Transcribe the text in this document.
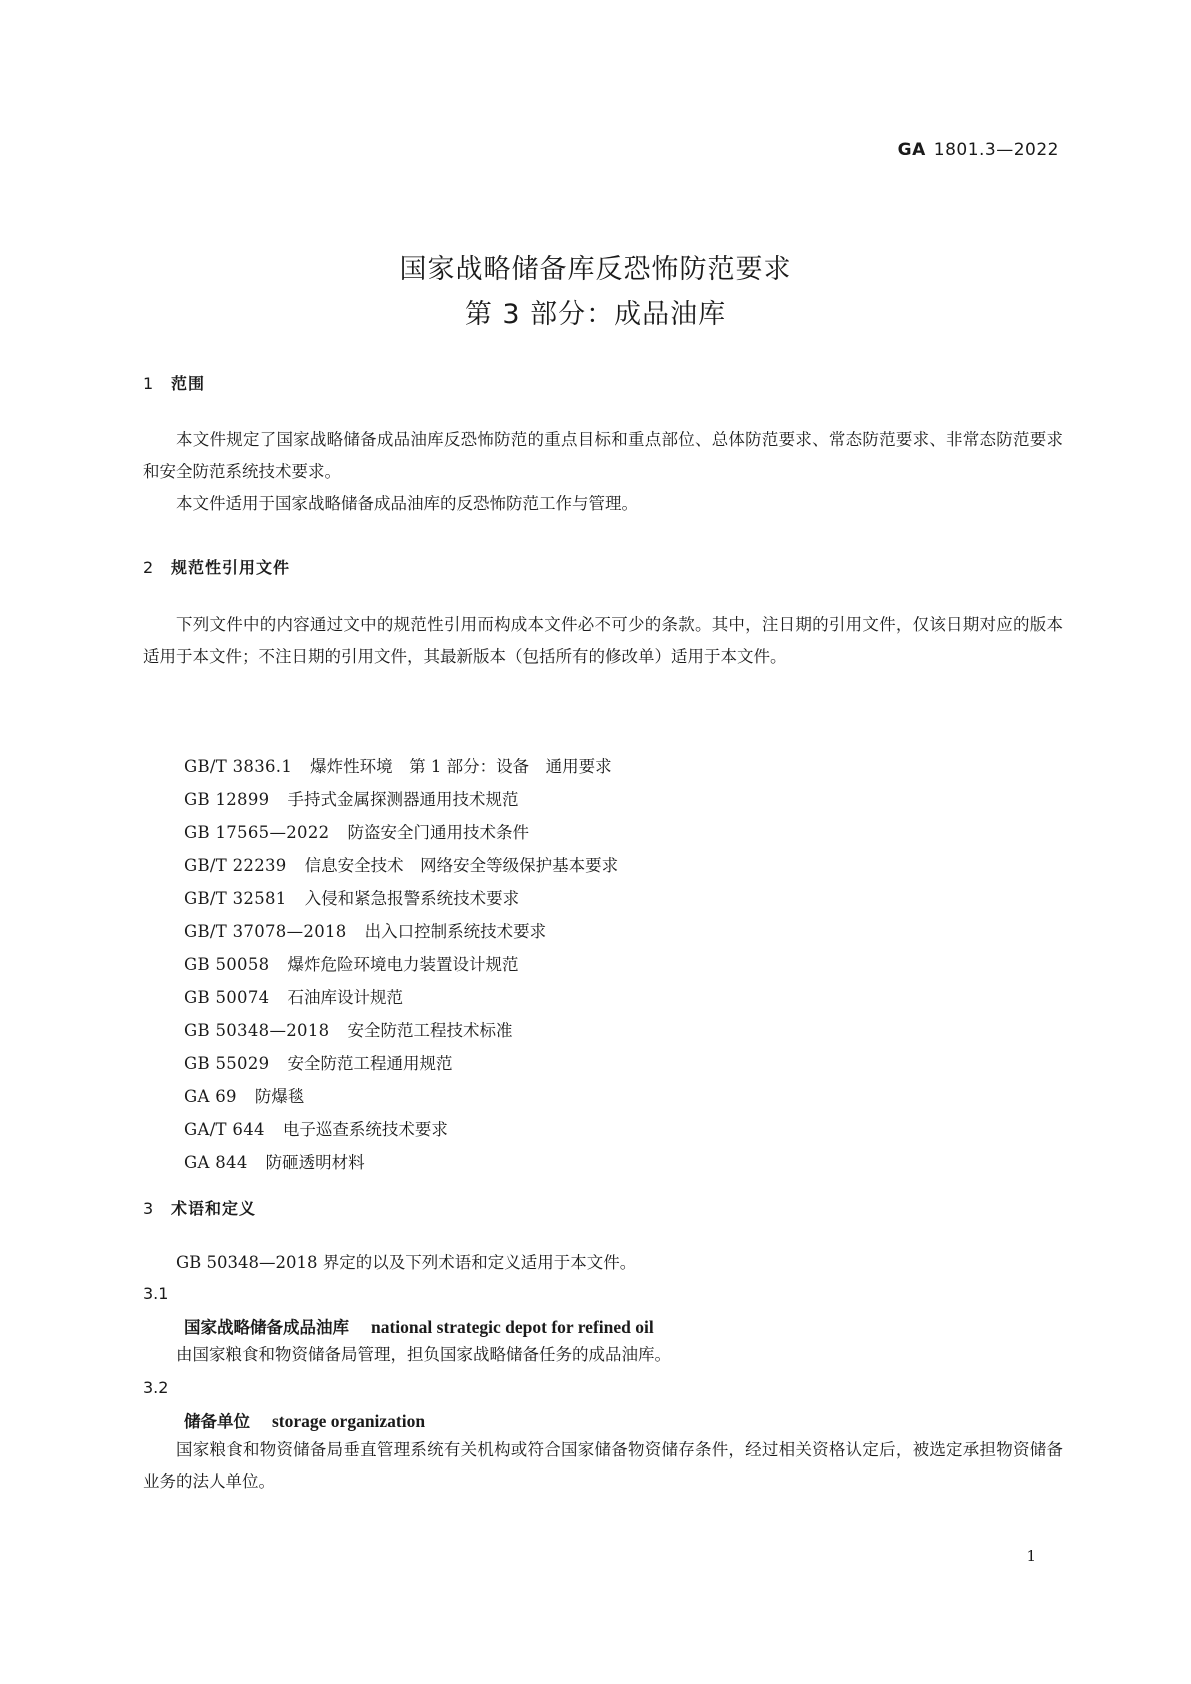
GA 1801.3—2022
国家战略储备库反恐怖防范要求
第 3 部分：成品油库
1 范围

本文件规定了国家战略储备成品油库反恐怖防范的重点目标和重点部位、总体防范要求、常态防范要求、非常态防范要求和安全防范系统技术要求。

本文件适用于国家战略储备成品油库的反恐怖防范工作与管理。

2 规范性引用文件

下列文件中的内容通过文中的规范性引用而构成本文件必不可少的条款。其中，注日期的引用文件，仅该日期对应的版本适用于本文件；不注日期的引用文件，其最新版本（包括所有的修改单）适用于本文件。

GB/T 3836.1 爆炸性环境　第 1 部分：设备　通用要求
GB 12899 手持式金属探测器通用技术规范
GB 17565—2022 防盗安全门通用技术条件
GB/T 22239 信息安全技术　网络安全等级保护基本要求
GB/T 32581 入侵和紧急报警系统技术要求
GB/T 37078—2018 出入口控制系统技术要求
GB 50058 爆炸危险环境电力装置设计规范
GB 50074 石油库设计规范
GB 50348—2018 安全防范工程技术标准
GB 55029 安全防范工程通用规范
GA 69 防爆毯
GA/T 644 电子巡查系统技术要求
GA 844 防砸透明材料
3 术语和定义

GB 50348—2018 界定的以及下列术语和定义适用于本文件。

3.1
国家战略储备成品油库 national strategic depot for refined oil

由国家粮食和物资储备局管理，担负国家战略储备任务的成品油库。

3.2
储备单位 storage organization

国家粮食和物资储备局垂直管理系统有关机构或符合国家储备物资储存条件，经过相关资格认定后，被选定承担物资储备业务的法人单位。

1
